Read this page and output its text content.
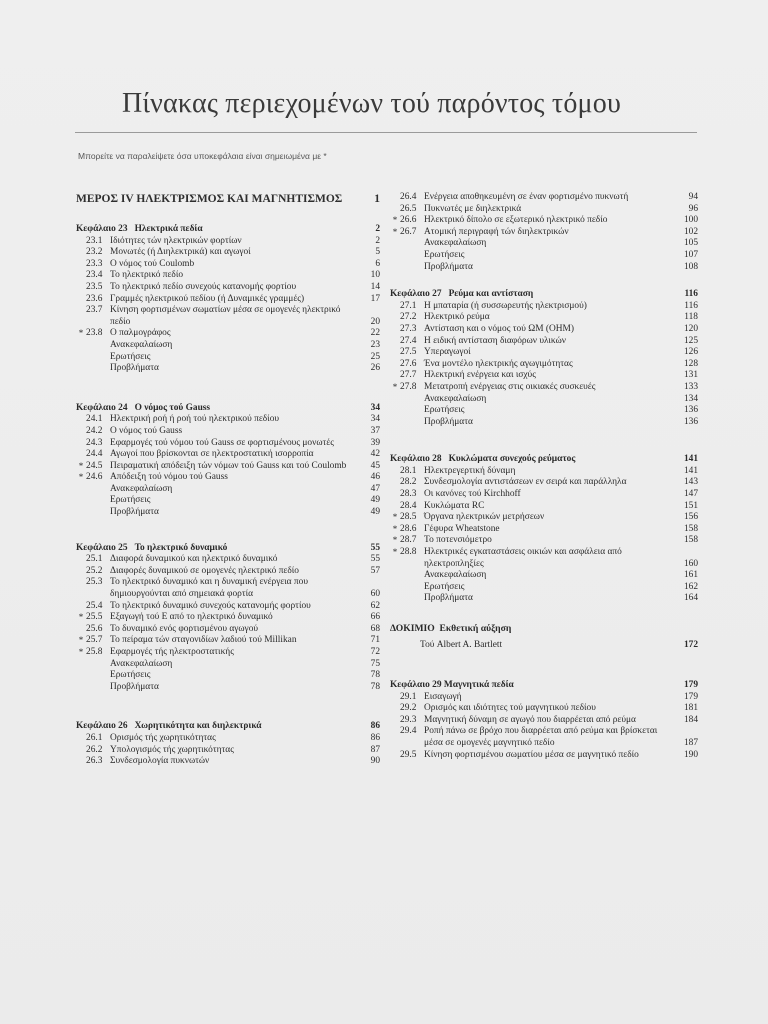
Πίνακας περιεχομένων τού παρόντος τόμου
Μπορείτε να παραλείψετε όσα υποκεφάλαια είναι σημειωμένα με *
ΜΕΡΟΣ IV ΗΛΕΚΤΡΙΣΜΟΣ ΚΑΙ ΜΑΓΝΗΤΙΣΜΟΣ	1
Κεφάλαιο 23 Ηλεκτρικά πεδία	2
23.1 Ιδιότητες τών ηλεκτρικών φορτίων	2
23.2 Μονωτές (ή Διηλεκτρικά) και αγωγοί	5
23.3 Ο νόμος τού Coulomb	6
23.4 Το ηλεκτρικό πεδίο	10
23.5 Το ηλεκτρικό πεδίο συνεχούς κατανομής φορτίου	14
23.6 Γραμμές ηλεκτρικού πεδίου (ή Δυναμικές γραμμές)	17
23.7 Κίνηση φορτισμένων σωματίων μέσα σε ομογενές ηλεκτρικό πεδίο	20
* 23.8 Ο παλμογράφος	22
Ανακεφαλαίωση	23
Ερωτήσεις	25
Προβλήματα	26
Κεφάλαιο 24 Ο νόμος τού Gauss	34
24.1 Ηλεκτρική ροή ή ροή τού ηλεκτρικού πεδίου	34
24.2 Ο νόμος τού Gauss	37
24.3 Εφαρμογές τού νόμου τού Gauss σε φορτισμένους μονωτές	39
24.4 Αγωγοί που βρίσκονται σε ηλεκτροστατική ισορροπία	42
* 24.5 Πειραματική απόδειξη τών νόμων τού Gauss και τού Coulomb	45
* 24.6 Απόδειξη τού νόμου τού Gauss	46
Ανακεφαλαίωση	47
Ερωτήσεις	49
Προβλήματα	49
Κεφάλαιο 25 Το ηλεκτρικό δυναμικό	55
25.1 Διαφορά δυναμικού και ηλεκτρικό δυναμικό	55
25.2 Διαφορές δυναμικού σε ομογενές ηλεκτρικό πεδίο	57
25.3 Το ηλεκτρικό δυναμικό και η δυναμική ενέργεια που δημιουργούνται από σημειακά φορτία	60
25.4 Το ηλεκτρικό δυναμικό συνεχούς κατανομής φορτίου	62
* 25.5 Εξαγωγή τού E από το ηλεκτρικό δυναμικό	66
25.6 Το δυναμικό ενός φορτισμένου αγωγού	68
* 25.7 Το πείραμα τών σταγονιδίων λαδιού τού Millikan	71
* 25.8 Εφαρμογές τής ηλεκτροστατικής	72
Ανακεφαλαίωση	75
Ερωτήσεις	78
Προβλήματα	78
Κεφάλαιο 26 Χωρητικότητα και διηλεκτρικά	86
26.1 Ορισμός τής χωρητικότητας	86
26.2 Υπολογισμός τής χωρητικότητας	87
26.3 Συνδεσμολογία πυκνωτών	90
26.4 Ενέργεια αποθηκευμένη σε έναν φορτισμένο πυκνωτή	94
26.5 Πυκνωτές με διηλεκτρικά	96
* 26.6 Ηλεκτρικό δίπολο σε εξωτερικό ηλεκτρικό πεδίο	100
* 26.7 Ατομική περιγραφή τών διηλεκτρικών	102
Ανακεφαλαίωση	105
Ερωτήσεις	107
Προβλήματα	108
Κεφάλαιο 27 Ρεύμα και αντίσταση	116
27.1 Η μπαταρία (ή συσσωρευτής ηλεκτρισμού)	116
27.2 Ηλεκτρικό ρεύμα	118
27.3 Αντίσταση και ο νόμος τού ΩΜ (ΟΗΜ)	120
27.4 Η ειδική αντίσταση διαφόρων υλικών	125
27.5 Υπεραγωγοί	126
27.6 Ένα μοντέλο ηλεκτρικής αγωγιμότητας	128
27.7 Ηλεκτρική ενέργεια και ισχύς	131
* 27.8 Μετατροπή ενέργειας στις οικιακές συσκευές	133
Ανακεφαλαίωση	134
Ερωτήσεις	136
Προβλήματα	136
Κεφάλαιο 28 Κυκλώματα συνεχούς ρεύματος	141
28.1 Ηλεκτρεγερτική δύναμη	141
28.2 Συνδεσμολογία αντιστάσεων εν σειρά και παράλληλα	143
28.3 Οι κανόνες τού Kirchhoff	147
28.4 Κυκλώματα RC	151
* 28.5 Όργανα ηλεκτρικών μετρήσεων	156
* 28.6 Γέφυρα Wheatstone	158
* 28.7 Το ποτενσιόμετρο	158
* 28.8 Ηλεκτρικές εγκαταστάσεις οικιών και ασφάλεια από ηλεκτροπληξίες	160
Ανακεφαλαίωση	161
Ερωτήσεις	162
Προβλήματα	164
ΔΟΚΙΜΙΟ Εκθετική αύξηση
Τού Albert A. Bartlett	172
Κεφάλαιο 29 Μαγνητικά πεδία	179
29.1 Εισαγωγή	179
29.2 Ορισμός και ιδιότητες τού μαγνητικού πεδίου	181
29.3 Μαγνητική δύναμη σε αγωγό που διαρρέεται από ρεύμα	184
29.4 Ροπή πάνω σε βρόχο που διαρρέεται από ρεύμα και βρίσκεται μέσα σε ομογενές μαγνητικό πεδίο	187
29.5 Κίνηση φορτισμένου σωματίου μέσα σε μαγνητικό πεδίο	190
